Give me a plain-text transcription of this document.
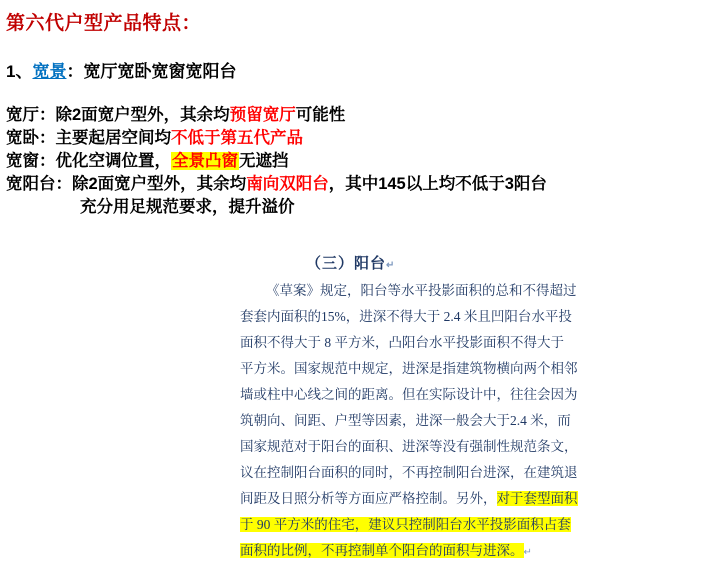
第六代户型产品特点：
1、宽景：宽厅宽卧宽窗宽阳台
宽厅：除2面宽户型外，其余均预留宽厅可能性
宽卧：主要起居空间均不低于第五代产品
宽窗：优化空调位置，全景凸窗无遮挡
宽阳台：除2面宽户型外，其余均南向双阳台，其中145以上均不低于3阳台
充分用足规范要求，提升溢价
（三）阳台↵
《草案》规定，阳台等水平投影面积的总和不得超过
套套内面积的15%，进深不得大于 2.4 米且凹阳台水平投
面积不得大于 8 平方米，凸阳台水平投影面积不得大于
平方米。国家规范中规定，进深是指建筑物横向两个相邻
墙或柱中心线之间的距离。但在实际设计中，往往会因为
筑朝向、间距、户型等因素，进深一般会大于2.4 米，而
国家规范对于阳台的面积、进深等没有强制性规范条文，
议在控制阳台面积的同时，不再控制阳台进深，在建筑退
间距及日照分析等方面应严格控制。另外，对于套型面积
于 90 平方米的住宅，建议只控制阳台水平投影面积占套
面积的比例，不再控制单个阳台的面积与进深。↵
